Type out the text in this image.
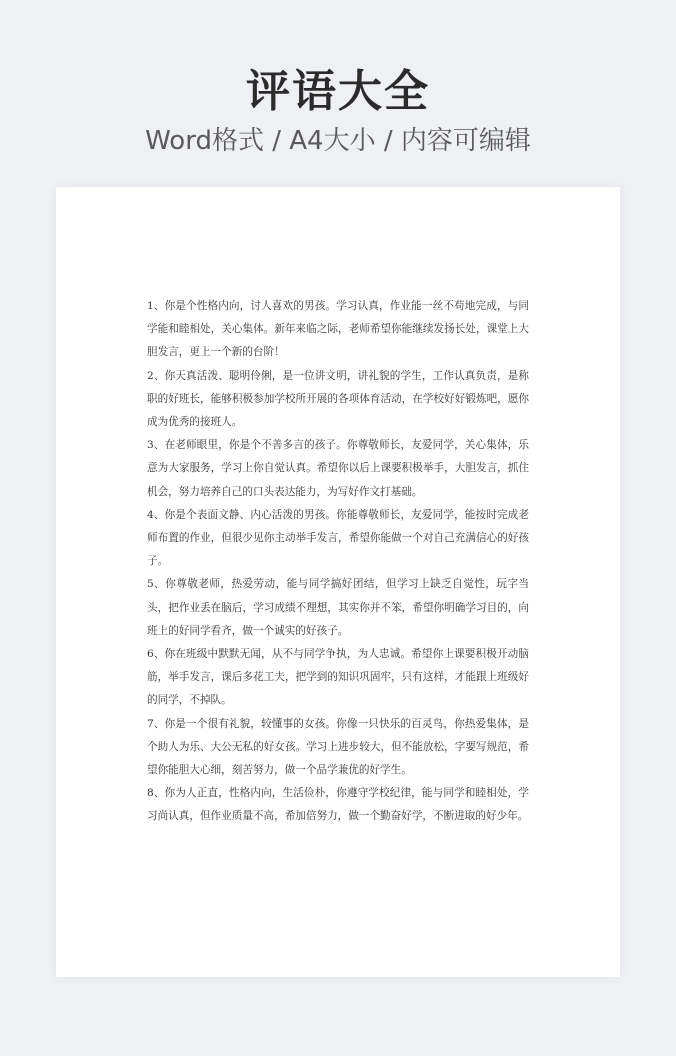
评语大全
Word格式 / A4大小 / 内容可编辑

1、你是个性格内向，讨人喜欢的男孩。学习认真，作业能一丝不苟地完成，与同学能和睦相处，关心集体。新年来临之际，老师希望你能继续发扬长处，课堂上大胆发言，更上一个新的台阶！

2、你天真活泼、聪明伶俐，是一位讲文明，讲礼貌的学生，工作认真负责，是称职的好班长，能够积极参加学校所开展的各项体育活动，在学校好好锻炼吧，愿你成为优秀的接班人。

3、在老师眼里，你是个不善多言的孩子。你尊敬师长，友爱同学，关心集体，乐意为大家服务，学习上你自觉认真。希望你以后上课要积极举手，大胆发言，抓住机会，努力培养自己的口头表达能力，为写好作文打基础。

4、你是个表面文静、内心活泼的男孩。你能尊敬师长，友爱同学，能按时完成老师布置的作业，但很少见你主动举手发言，希望你能做一个对自己充满信心的好孩子。

5、你尊敬老师，热爱劳动，能与同学搞好团结，但学习上缺乏自觉性，玩字当头，把作业丢在脑后，学习成绩不理想，其实你并不笨，希望你明确学习目的，向班上的好同学看齐，做一个诚实的好孩子。

6、你在班级中默默无闻，从不与同学争执，为人忠诚。希望你上课要积极开动脑筋，举手发言，课后多花工夫，把学到的知识巩固牢，只有这样，才能跟上班级好的同学，不掉队。

7、你是一个很有礼貌，较懂事的女孩。你像一只快乐的百灵鸟，你热爱集体，是个助人为乐、大公无私的好女孩。学习上进步较大，但不能放松，字要写规范，希望你能胆大心细，刻苦努力，做一个品学兼优的好学生。

8、你为人正直，性格内向，生活俭朴，你遵守学校纪律，能与同学和睦相处，学习尚认真，但作业质量不高，希加倍努力，做一个勤奋好学，不断进取的好少年。
